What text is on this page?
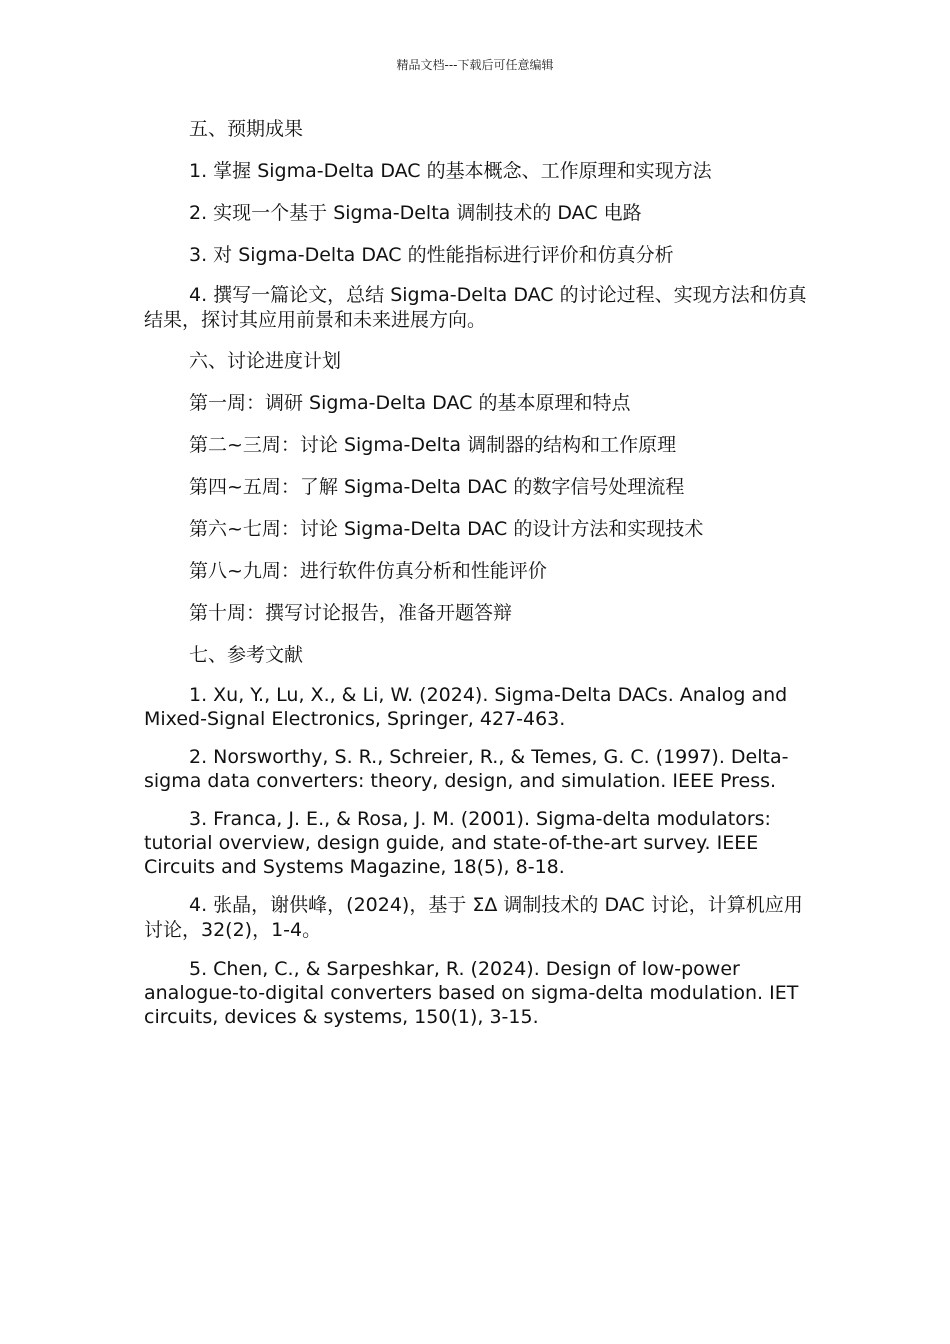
精品文档---下载后可任意编辑

五、预期成果

1. 掌握 Sigma-Delta DAC 的基本概念、工作原理和实现方法

2. 实现一个基于 Sigma-Delta 调制技术的 DAC 电路

3. 对 Sigma-Delta DAC 的性能指标进行评价和仿真分析

4. 撰写一篇论文，总结 Sigma-Delta DAC 的讨论过程、实现方法和仿真结果，探讨其应用前景和未来进展方向。

六、讨论进度计划

第一周：调研 Sigma-Delta DAC 的基本原理和特点

第二~三周：讨论 Sigma-Delta 调制器的结构和工作原理

第四~五周：了解 Sigma-Delta DAC 的数字信号处理流程

第六~七周：讨论 Sigma-Delta DAC 的设计方法和实现技术

第八~九周：进行软件仿真分析和性能评价

第十周：撰写讨论报告，准备开题答辩

七、参考文献

1. Xu, Y., Lu, X., & Li, W. (2024). Sigma-Delta DACs. Analog and Mixed-Signal Electronics, Springer, 427-463.

2. Norsworthy, S. R., Schreier, R., & Temes, G. C. (1997). Delta-sigma data converters: theory, design, and simulation. IEEE Press.

3. Franca, J. E., & Rosa, J. M. (2001). Sigma-delta modulators: tutorial overview, design guide, and state-of-the-art survey. IEEE Circuits and Systems Magazine, 18(5), 8-18.

4. 张晶，谢供峰，(2024)，基于 ΣΔ 调制技术的 DAC 讨论，计算机应用讨论，32(2)，1-4。

5. Chen, C., & Sarpeshkar, R. (2024). Design of low-power analogue-to-digital converters based on sigma-delta modulation. IET circuits, devices & systems, 150(1), 3-15.
